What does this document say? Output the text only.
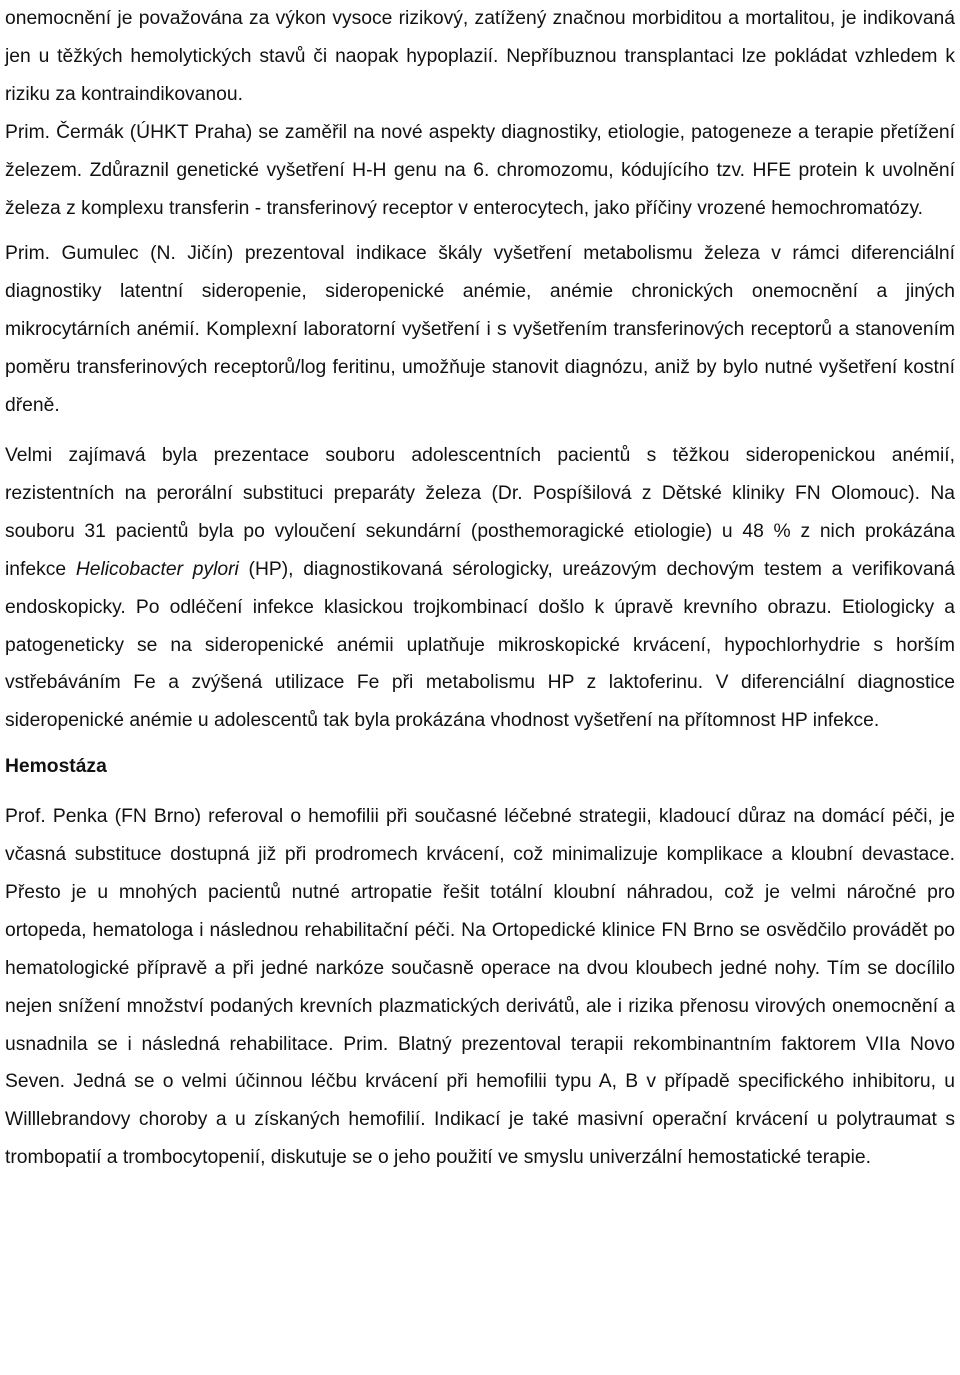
onemocnění je považována za výkon vysoce rizikový, zatížený značnou morbiditou a mortalitou, je indikovaná jen u těžkých hemolytických stavů či naopak hypoplazií. Nepříbuznou transplantaci lze pokládat vzhledem k riziku za kontraindikovanou.

Prim. Čermák (ÚHKT Praha) se zaměřil na nové aspekty diagnostiky, etiologie, patogeneze a terapie přetížení železem. Zdůraznil genetické vyšetření H-H genu na 6. chromozomu, kódujícího tzv. HFE protein k uvolnění železa z komplexu transferin - transferinový receptor v enterocytech, jako příčiny vrozené hemochromatózy.

Prim. Gumulec (N. Jičín) prezentoval indikace škály vyšetření metabolismu železa v rámci diferenciální diagnostiky latentní sideropenie, sideropenické anémie, anémie chronických onemocnění a jiných mikrocytárních anémií. Komplexní laboratorní vyšetření i s vyšetřením transferinových receptorů a stanovením poměru transferinových receptorů/log feritinu, umožňuje stanovit diagnózu, aniž by bylo nutné vyšetření kostní dřeně.

Velmi zajímavá byla prezentace souboru adolescentních pacientů s těžkou sideropenickou anémií, rezistentních na perorální substituci preparáty železa (Dr. Pospíšilová z Dětské kliniky FN Olomouc). Na souboru 31 pacientů byla po vyloučení sekundární (posthemoragické etiologie) u 48 % z nich prokázána infekce Helicobacter pylori (HP), diagnostikovaná sérologicky, ureázovým dechovým testem a verifikovaná endoskopicky. Po odléčení infekce klasickou trojkombinací došlo k úpravě krevního obrazu. Etiologicky a patogeneticky se na sideropenické anémii uplatňuje mikroskopické krvácení, hypochlorhydrie s horším vstřebáváním Fe a zvýšená utilizace Fe při metabolismu HP z laktoferinu. V diferenciální diagnostice sideropenické anémie u adolescentů tak byla prokázána vhodnost vyšetření na přítomnost HP infekce.

Hemostáza

Prof. Penka (FN Brno) referoval o hemofilii při současné léčebné strategii, kladoucí důraz na domácí péči, je včasná substituce dostupná již při prodromech krvácení, což minimalizuje komplikace a kloubní devastace. Přesto je u mnohých pacientů nutné artropatie řešit totální kloubní náhradou, což je velmi náročné pro ortopeda, hematologa i následnou rehabilitační péči. Na Ortopedické klinice FN Brno se osvědčilo provádět po hematologické přípravě a při jedné narkóze současně operace na dvou kloubech jedné nohy. Tím se docílilo nejen snížení množství podaných krevních plazmatických derivátů, ale i rizika přenosu virových onemocnění a usnadnila se i následná rehabilitace. Prim. Blatný prezentoval terapii rekombinantním faktorem VIIa Novo Seven. Jedná se o velmi účinnou léčbu krvácení při hemofilii typu A, B v případě specifického inhibitoru, u Willlebrandovy choroby a u získaných hemofilií. Indikací je také masivní operační krvácení u polytraumat s trombopatií a trombocytopenií, diskutuje se o jeho použití ve smyslu univerzální hemostatické terapie.
